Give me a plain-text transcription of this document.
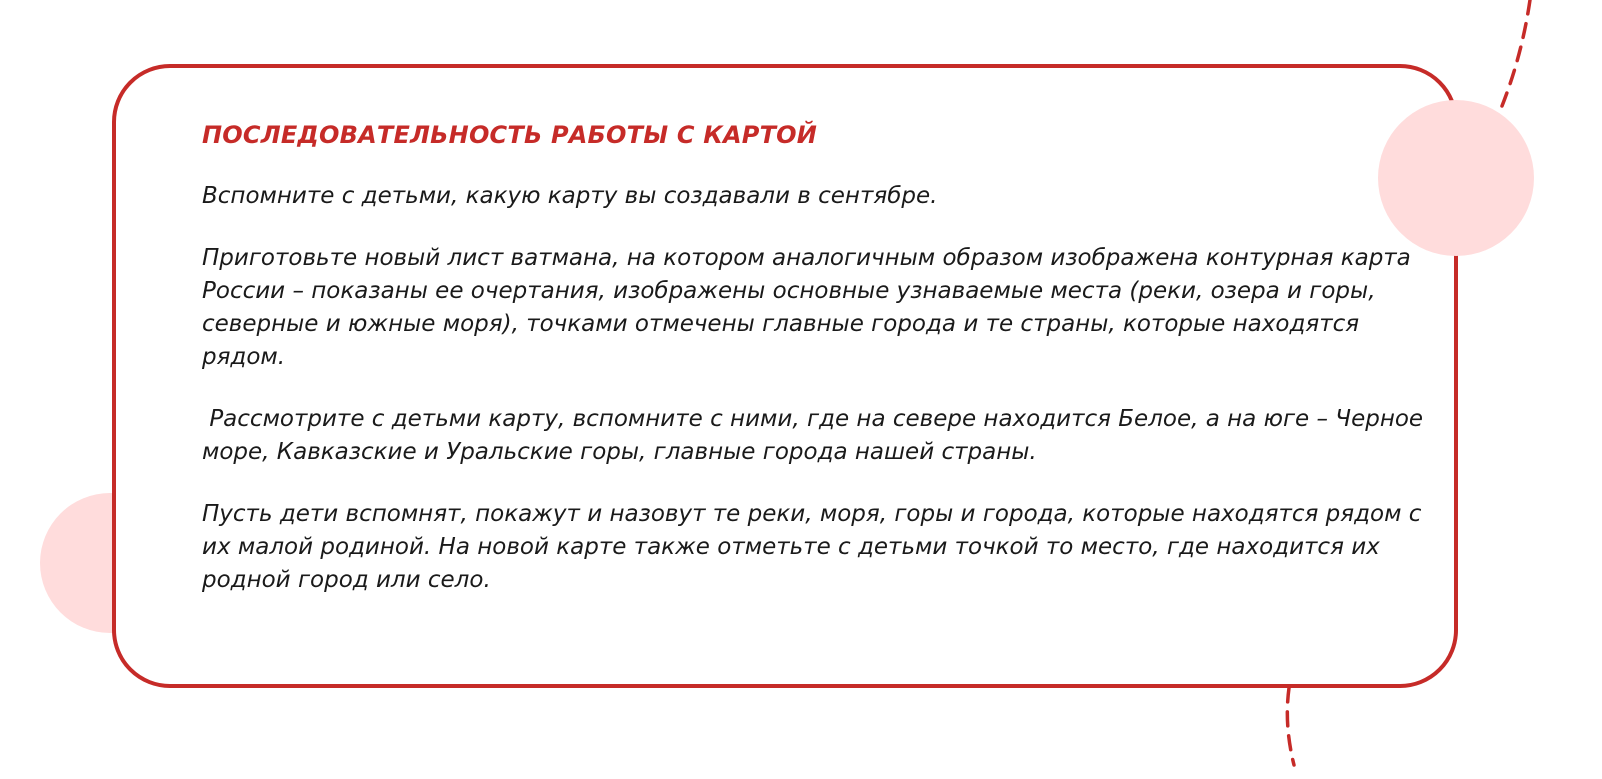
ПОСЛЕДОВАТЕЛЬНОСТЬ РАБОТЫ С КАРТОЙ

Вспомните с детьми, какую карту вы создавали в сентябре.

Приготовьте новый лист ватмана, на котором аналогичным образом изображена контурная карта России – показаны ее очертания, изображены основные узнаваемые места (реки, озера и горы, северные и южные моря), точками отмечены главные города и те страны, которые находятся рядом.

Рассмотрите с детьми карту, вспомните с ними, где на севере находится Белое, а на юге – Черное море, Кавказские и Уральские горы, главные города нашей страны.

Пусть дети вспомнят, покажут и назовут те реки, моря, горы и города, которые находятся рядом с их малой родиной. На новой карте также отметьте с детьми точкой то место, где находится их родной город или село.
